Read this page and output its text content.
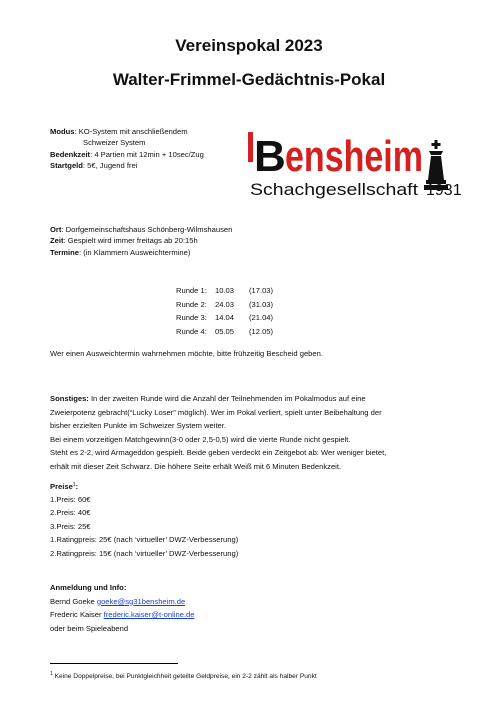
Vereinspokal 2023
Walter-Frimmel-Gedächtnis-Pokal
Modus: KO-System mit anschließendem
Schweizer System
Bedenkzeit: 4 Partien mit 12min + 10sec/Zug
Startgeld: 5€, Jugend frei	B ensheim
Schachgesellschaft 1931
Ort: Dorfgemeinschaftshaus Schönberg-Wilmshausen
Zeit: Gespielt wird immer freitags ab 20:15h
Termine: (in Klammern Ausweichtermine)
Runde 1:	10.03	(17.03)
Runde 2:	24.03	(31.03)
Runde 3:	14.04	(21.04)
Runde 4:	05.05	(12.05)
Wer einen Ausweichtermin wahrnehmen möchte, bitte frühzeitig Bescheid geben.
Sonstiges: In der zweiten Runde wird die Anzahl der Teilnehmenden im Pokalmodus auf eine
Zweierpotenz gebracht(“Lucky Loser” möglich). Wer im Pokal verliert, spielt unter Beibehaltung der
bisher erzielten Punkte im Schweizer System weiter.
Bei einem vorzeitigen Matchgewinn(3-0 oder 2,5-0,5) wird die vierte Runde nicht gespielt.
Steht es 2-2, wird Armageddon gespielt. Beide geben verdeckt ein Zeitgebot ab: Wer weniger bietet,
erhält mit dieser Zeit Schwarz. Die höhere Seite erhält Weiß mit 6 Minuten Bedenkzeit.
Preise$^1$:
1.Preis: 60€
2.Preis: 40€
3.Preis: 25€
1.Ratingpreis: 25€ (nach ‘virtueller’ DWZ-Verbesserung)
2.Ratingpreis: 15€ (nach ‘virtueller’ DWZ-Verbesserung)
Anmeldung und Info:
Bernd Goeke goeke@sg31bensheim.de
Frederic Kaiser frederic.kaiser@t-online.de
oder beim Spieleabend
$^1$ Keine Doppelpreise, bei Punktgleichheit geteilte Geldpreise, ein 2-2 zählt als halber Punkt
